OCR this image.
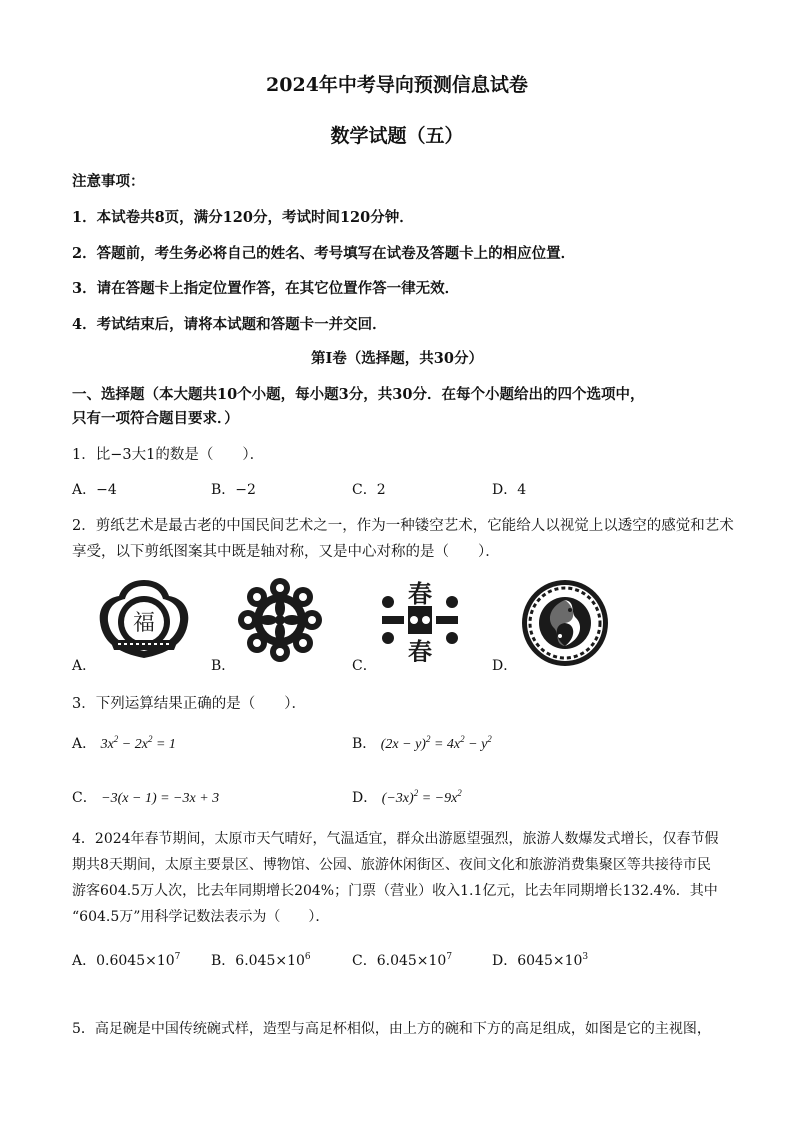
2024年中考导向预测信息试卷
数学试题（五）
注意事项：
1．本试卷共8页，满分120分，考试时间120分钟．
2．答题前，考生务必将自己的姓名、考号填写在试卷及答题卡上的相应位置．
3．请在答题卡上指定位置作答，在其它位置作答一律无效．
4．考试结束后，请将本试题和答题卡一并交回．
第Ⅰ卷（选择题，共30分）
一、选择题（本大题共10个小题，每小题3分，共30分．在每个小题给出的四个选项中，
只有一项符合题目要求．）
1．比−3大1的数是（　　）．
A．−4	B．−2	C．2	D．4
2．剪纸艺术是最古老的中国民间艺术之一，作为一种镂空艺术，它能给人以视觉上以透空的感觉和艺术
享受，以下剪纸图案其中既是轴对称，又是中心对称的是（　　）．
福
A．	B．
春
春
C．	D．
3．下列运算结果正确的是（　　）．
A． $3x^2 - 2x^2 = 1$	B． $(2x - y)^2 = 4x^2 - y^2$
C． −3(x − 1) = −3x + 3	D． $(-3x)^2 = -9x^2$
4．2024年春节期间，太原市天气晴好，气温适宜，群众出游愿望强烈，旅游人数爆发式增长，仅春节假
期共8天期间，太原主要景区、博物馆、公园、旅游休闲街区、夜间文化和旅游消费集聚区等共接待市民
游客604.5万人次，比去年同期增长204%；门票（营业）收入1.1亿元，比去年同期增长132.4%．其中
“604.5万”用科学记数法表示为（　　）．
A．$0.6045\times 10^7$ B．$6.045\times 10^6$	C．$6.045\times 10^7$	D．$6045\times 10^3$
5．高足碗是中国传统碗式样，造型与高足杯相似，由上方的碗和下方的高足组成，如图是它的主视图，
